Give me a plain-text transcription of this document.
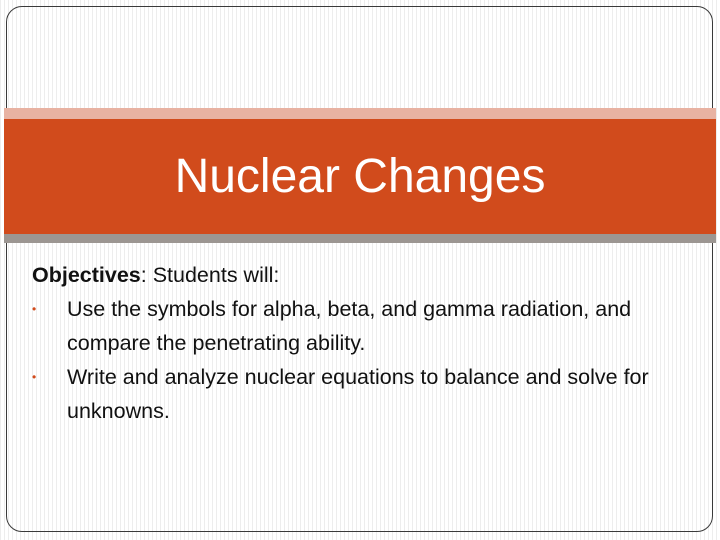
Nuclear Changes

Objectives: Students will:

• Use the symbols for alpha, beta, and gamma radiation, and compare the penetrating ability.
• Write and analyze nuclear equations to balance and solve for unknowns.
